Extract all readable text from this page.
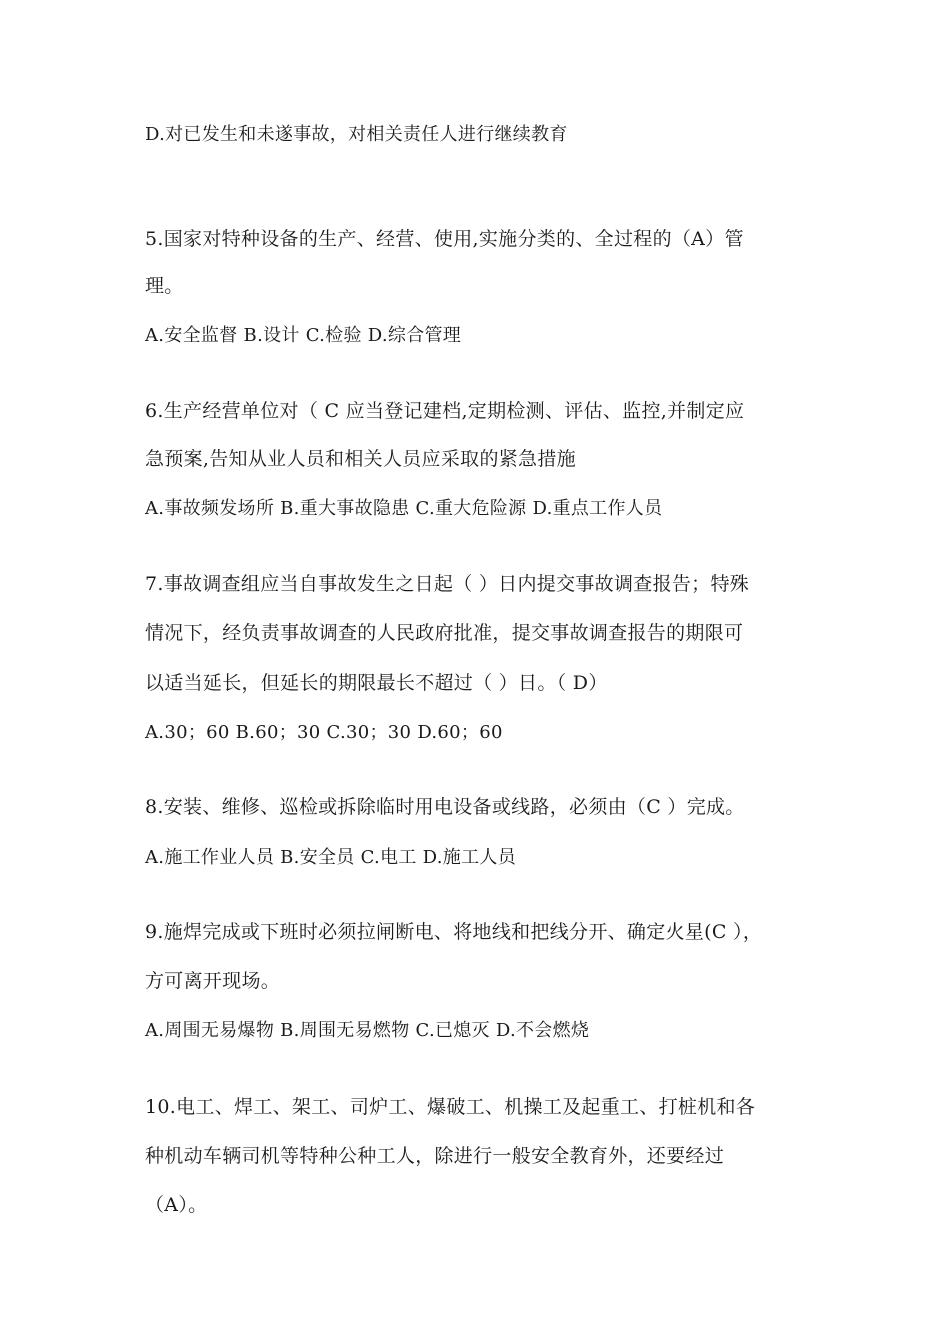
D.对已发生和未遂事故，对相关责任人进行继续教育
5.国家对特种设备的生产、经营、使用,实施分类的、全过程的（A）管
理。
A.安全监督 B.设计 C.检验 D.综合管理
6.生产经营单位对（ C 应当登记建档,定期检测、评估、监控,并制定应
急预案,告知从业人员和相关人员应采取的紧急措施
A.事故频发场所 B.重大事故隐患 C.重大危险源 D.重点工作人员
7.事故调查组应当自事故发生之日起（ ）日内提交事故调查报告；特殊
情况下，经负责事故调查的人民政府批准，提交事故调查报告的期限可
以适当延长，但延长的期限最长不超过（ ）日。（ D）
A.30；60 B.60；30 C.30；30 D.60；60
8.安装、维修、巡检或拆除临时用电设备或线路，必须由（C ）完成。
A.施工作业人员 B.安全员 C.电工 D.施工人员
9.施焊完成或下班时必须拉闸断电、将地线和把线分开、确定火星(C ），
方可离开现场。
A.周围无易爆物 B.周围无易燃物 C.已熄灭 D.不会燃烧
10.电工、焊工、架工、司炉工、爆破工、机操工及起重工、打桩机和各
种机动车辆司机等特种公种工人，除进行一般安全教育外，还要经过
（A）。
